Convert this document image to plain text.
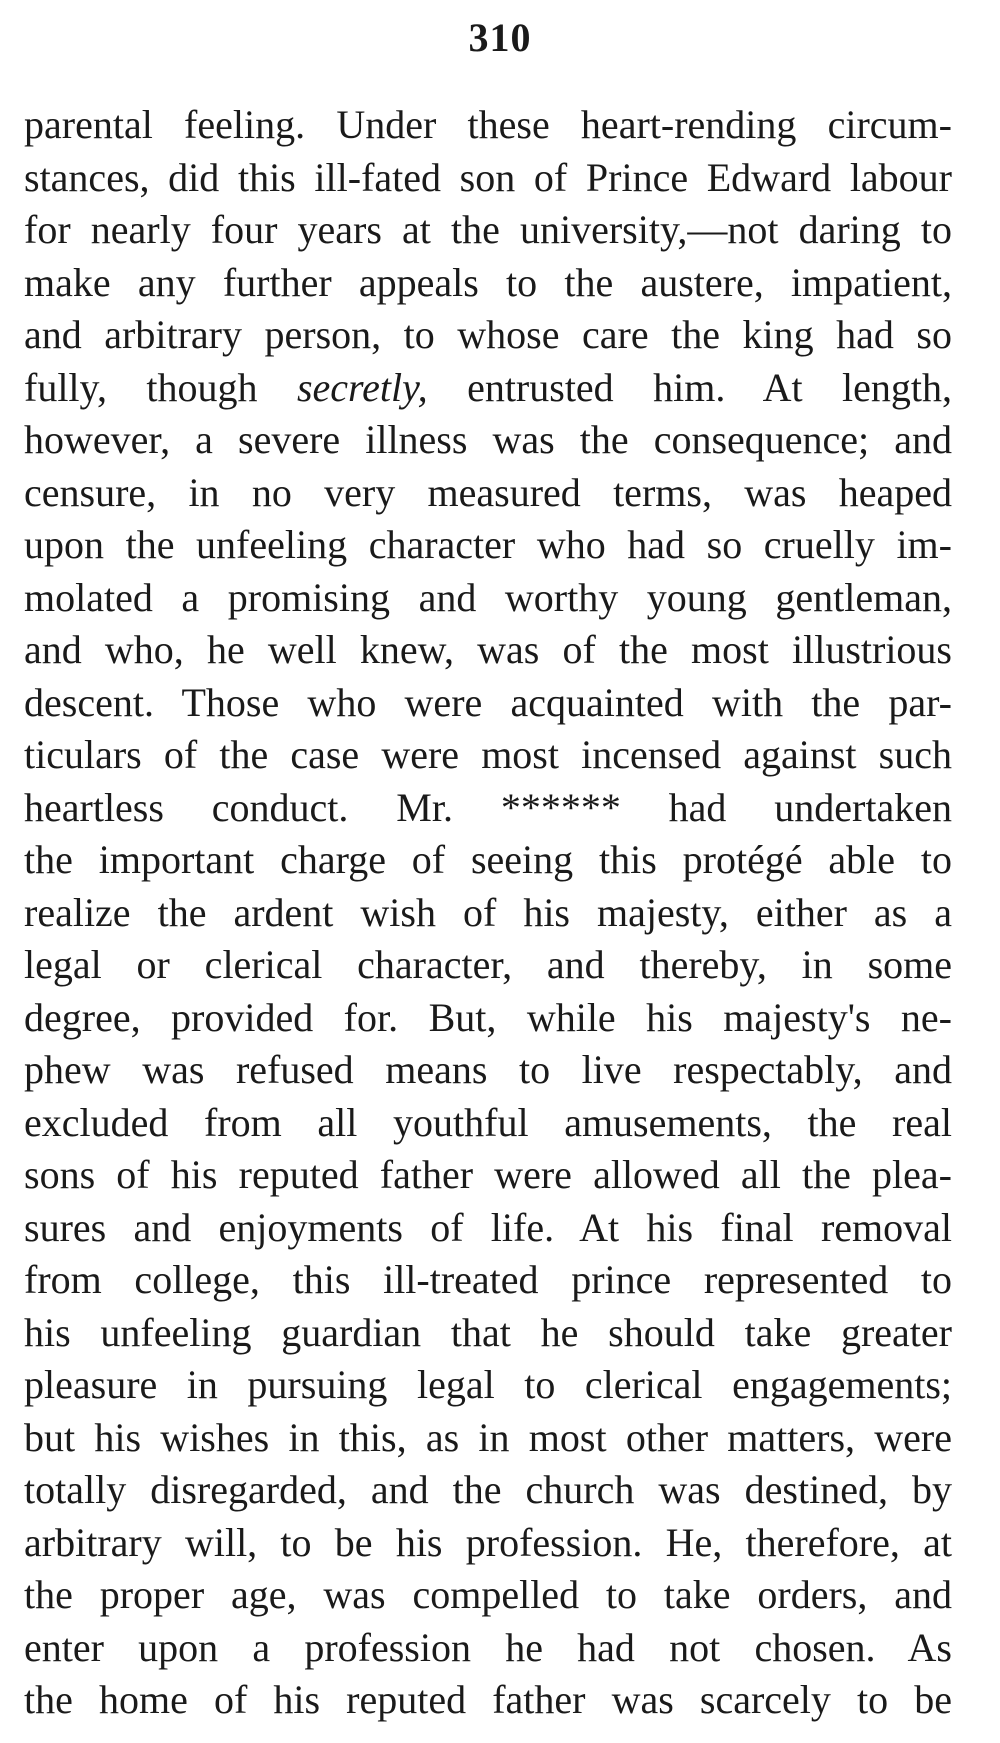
310
parental feeling. Under these heart-rending circum-
stances, did this ill-fated son of Prince Edward labour
for nearly four years at the university,—not daring to
make any further appeals to the austere, impatient,
and arbitrary person, to whose care the king had so
fully, though secretly, entrusted him. At length,
however, a severe illness was the consequence; and
censure, in no very measured terms, was heaped
upon the unfeeling character who had so cruelly im-
molated a promising and worthy young gentleman,
and who, he well knew, was of the most illustrious
descent. Those who were acquainted with the par-
ticulars of the case were most incensed against such
heartless conduct. Mr. ****** had undertaken
the important charge of seeing this protégé able to
realize the ardent wish of his majesty, either as a
legal or clerical character, and thereby, in some
degree, provided for. But, while his majesty's ne-
phew was refused means to live respectably, and
excluded from all youthful amusements, the real
sons of his reputed father were allowed all the plea-
sures and enjoyments of life. At his final removal
from college, this ill-treated prince represented to
his unfeeling guardian that he should take greater
pleasure in pursuing legal to clerical engagements;
but his wishes in this, as in most other matters, were
totally disregarded, and the church was destined, by
arbitrary will, to be his profession. He, therefore, at
the proper age, was compelled to take orders, and
enter upon a profession he had not chosen. As
the home of his reputed father was scarcely to be
